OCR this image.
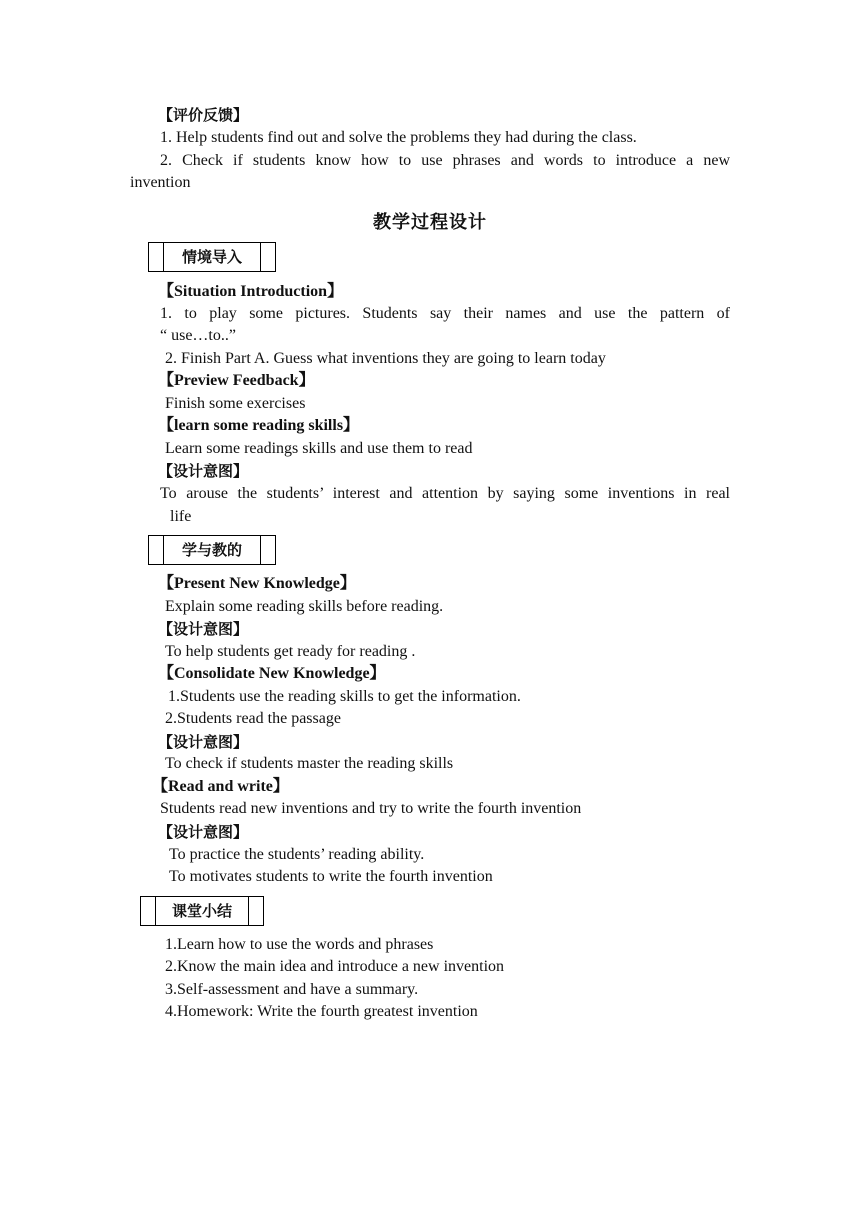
【评价反馈】
1. Help students find out and solve the problems they had during the class.
2. Check if students know how to use phrases and words to introduce a new
invention
教学过程设计
情境导入
【Situation Introduction】
1. to play some pictures. Students say their names and use the pattern of
“ use…to..”
2. Finish Part A. Guess what inventions they are going to learn today
【Preview Feedback】
Finish some exercises
【learn some reading skills】
Learn some readings skills and use them to read
【设计意图】
To arouse the students’ interest and attention by saying some inventions in real
life
学与教的
【Present New Knowledge】
Explain some reading skills before reading.
【设计意图】
To help students get ready for reading .
【Consolidate New Knowledge】
1.Students use the reading skills to get the information.
2.Students read the passage
【设计意图】
To check if students master the reading skills
【Read and write】
Students read new inventions and try to write the fourth invention
【设计意图】
To practice the students’ reading ability.
To motivates students to write the fourth invention
课堂小结
1.Learn how to use the words and phrases
2.Know the main idea and introduce a new invention
3.Self-assessment and have a summary.
4.Homework: Write the fourth greatest invention
